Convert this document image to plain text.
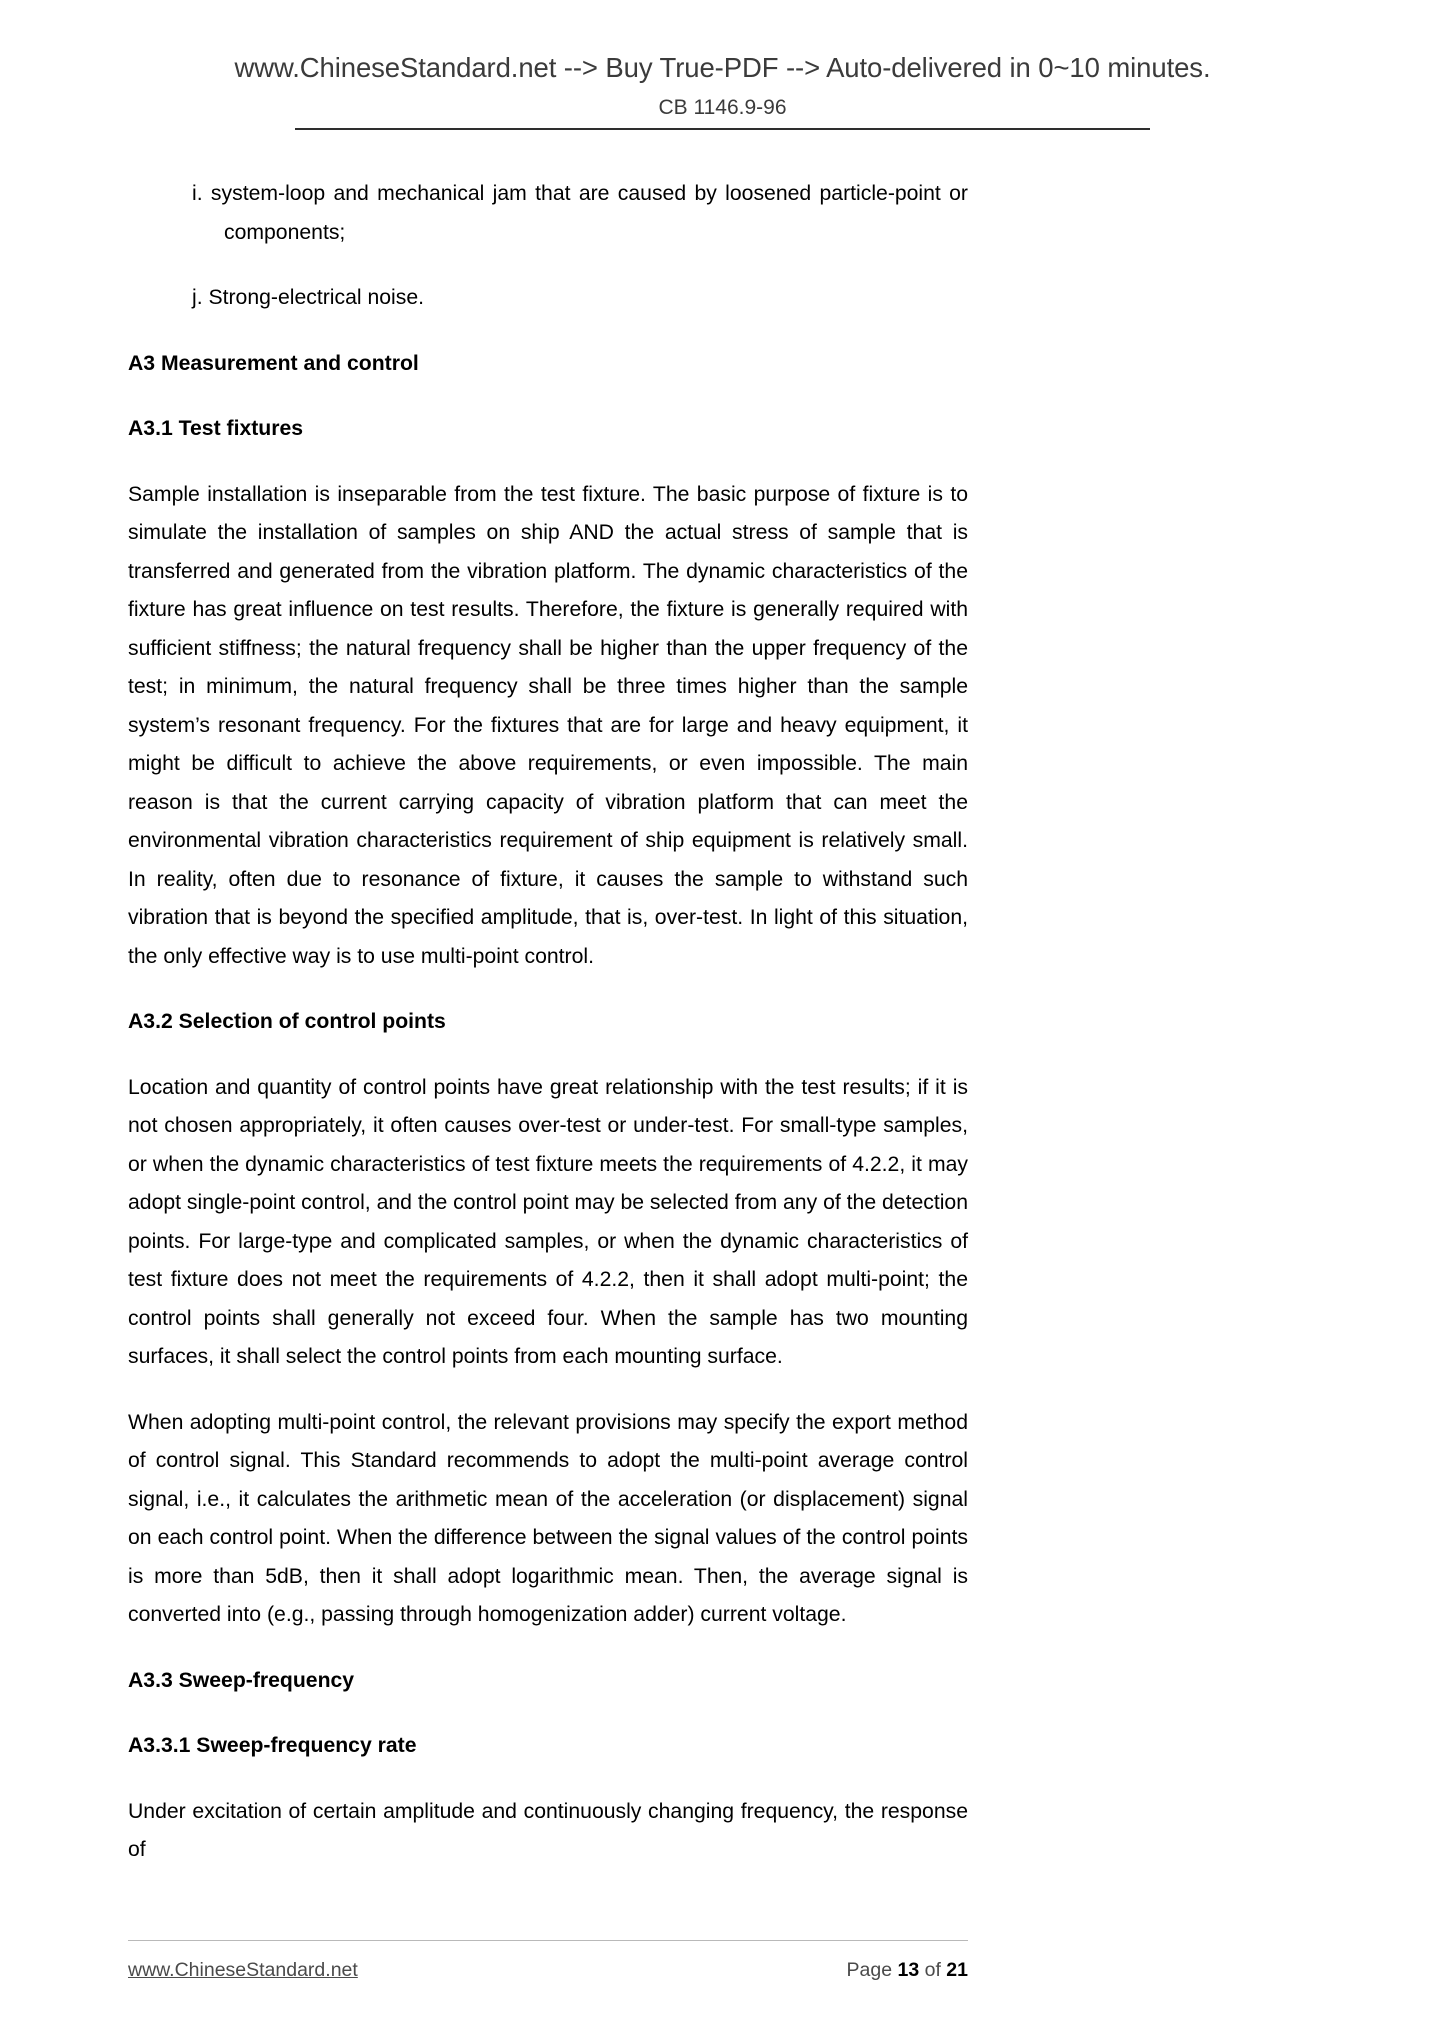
www.ChineseStandard.net --> Buy True-PDF --> Auto-delivered in 0~10 minutes.
CB 1146.9-96
i. system-loop and mechanical jam that are caused by loosened particle-point or components;
j. Strong-electrical noise.
A3 Measurement and control
A3.1 Test fixtures

Sample installation is inseparable from the test fixture. The basic purpose of fixture is to simulate the installation of samples on ship AND the actual stress of sample that is transferred and generated from the vibration platform. The dynamic characteristics of the fixture has great influence on test results. Therefore, the fixture is generally required with sufficient stiffness; the natural frequency shall be higher than the upper frequency of the test; in minimum, the natural frequency shall be three times higher than the sample system’s resonant frequency. For the fixtures that are for large and heavy equipment, it might be difficult to achieve the above requirements, or even impossible. The main reason is that the current carrying capacity of vibration platform that can meet the environmental vibration characteristics requirement of ship equipment is relatively small. In reality, often due to resonance of fixture, it causes the sample to withstand such vibration that is beyond the specified amplitude, that is, over-test. In light of this situation, the only effective way is to use multi-point control.

A3.2 Selection of control points

Location and quantity of control points have great relationship with the test results; if it is not chosen appropriately, it often causes over-test or under-test. For small-type samples, or when the dynamic characteristics of test fixture meets the requirements of 4.2.2, it may adopt single-point control, and the control point may be selected from any of the detection points. For large-type and complicated samples, or when the dynamic characteristics of test fixture does not meet the requirements of 4.2.2, then it shall adopt multi-point; the control points shall generally not exceed four. When the sample has two mounting surfaces, it shall select the control points from each mounting surface.

When adopting multi-point control, the relevant provisions may specify the export method of control signal. This Standard recommends to adopt the multi-point average control signal, i.e., it calculates the arithmetic mean of the acceleration (or displacement) signal on each control point. When the difference between the signal values of the control points is more than 5dB, then it shall adopt logarithmic mean. Then, the average signal is converted into (e.g., passing through homogenization adder) current voltage.

A3.3 Sweep-frequency
A3.3.1 Sweep-frequency rate

Under excitation of certain amplitude and continuously changing frequency, the response of

www.ChineseStandard.net	Page 13 of 21
